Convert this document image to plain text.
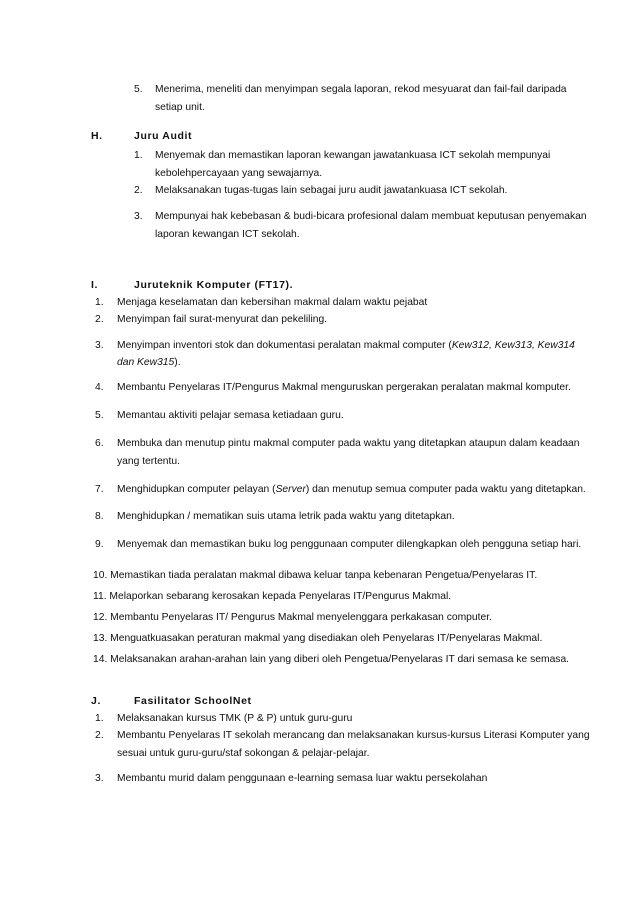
5. Menerima, meneliti dan menyimpan segala laporan, rekod mesyuarat dan fail-fail daripada
setiap unit.
H.	Juru Audit
1. Menyemak dan memastikan laporan kewangan jawatankuasa ICT sekolah mempunyai
kebolehpercayaan yang sewajarnya.
2. Melaksanakan tugas-tugas lain sebagai juru audit jawatankuasa ICT sekolah.
3. Mempunyai hak kebebasan & budi-bicara profesional dalam membuat keputusan penyemakan
laporan kewangan ICT sekolah.
I.	Juruteknik Komputer (FT17).
1. Menjaga keselamatan dan kebersihan makmal dalam waktu pejabat
2. Menyimpan fail surat-menyurat dan pekeliling.
3. Menyimpan inventori stok dan dokumentasi peralatan makmal computer (Kew312, Kew313, Kew314
dan Kew315).
4. Membantu Penyelaras IT/Pengurus Makmal menguruskan pergerakan peralatan makmal komputer.
5. Memantau aktiviti pelajar semasa ketiadaan guru.
6. Membuka dan menutup pintu makmal computer pada waktu yang ditetapkan ataupun dalam keadaan
yang tertentu.
7. Menghidupkan computer pelayan (Server) dan menutup semua computer pada waktu yang ditetapkan.
8. Menghidupkan / mematikan suis utama letrik pada waktu yang ditetapkan.
9. Menyemak dan memastikan buku log penggunaan computer dilengkapkan oleh pengguna setiap hari.
10. Memastikan tiada peralatan makmal dibawa keluar tanpa kebenaran Pengetua/Penyelaras IT.
11. Melaporkan sebarang kerosakan kepada Penyelaras IT/Pengurus Makmal.
12. Membantu Penyelaras IT/ Pengurus Makmal menyelenggara perkakasan computer.
13. Menguatkuasakan peraturan makmal yang disediakan oleh Penyelaras IT/Penyelaras Makmal.
14. Melaksanakan arahan-arahan lain yang diberi oleh Pengetua/Penyelaras IT dari semasa ke semasa.
J.	Fasilitator SchoolNet
1. Melaksanakan kursus TMK (P & P) untuk guru-guru
2. Membantu Penyelaras IT sekolah merancang dan melaksanakan kursus-kursus Literasi Komputer yang
sesuai untuk guru-guru/staf sokongan & pelajar-pelajar.
3. Membantu murid dalam penggunaan e-learning semasa luar waktu persekolahan
